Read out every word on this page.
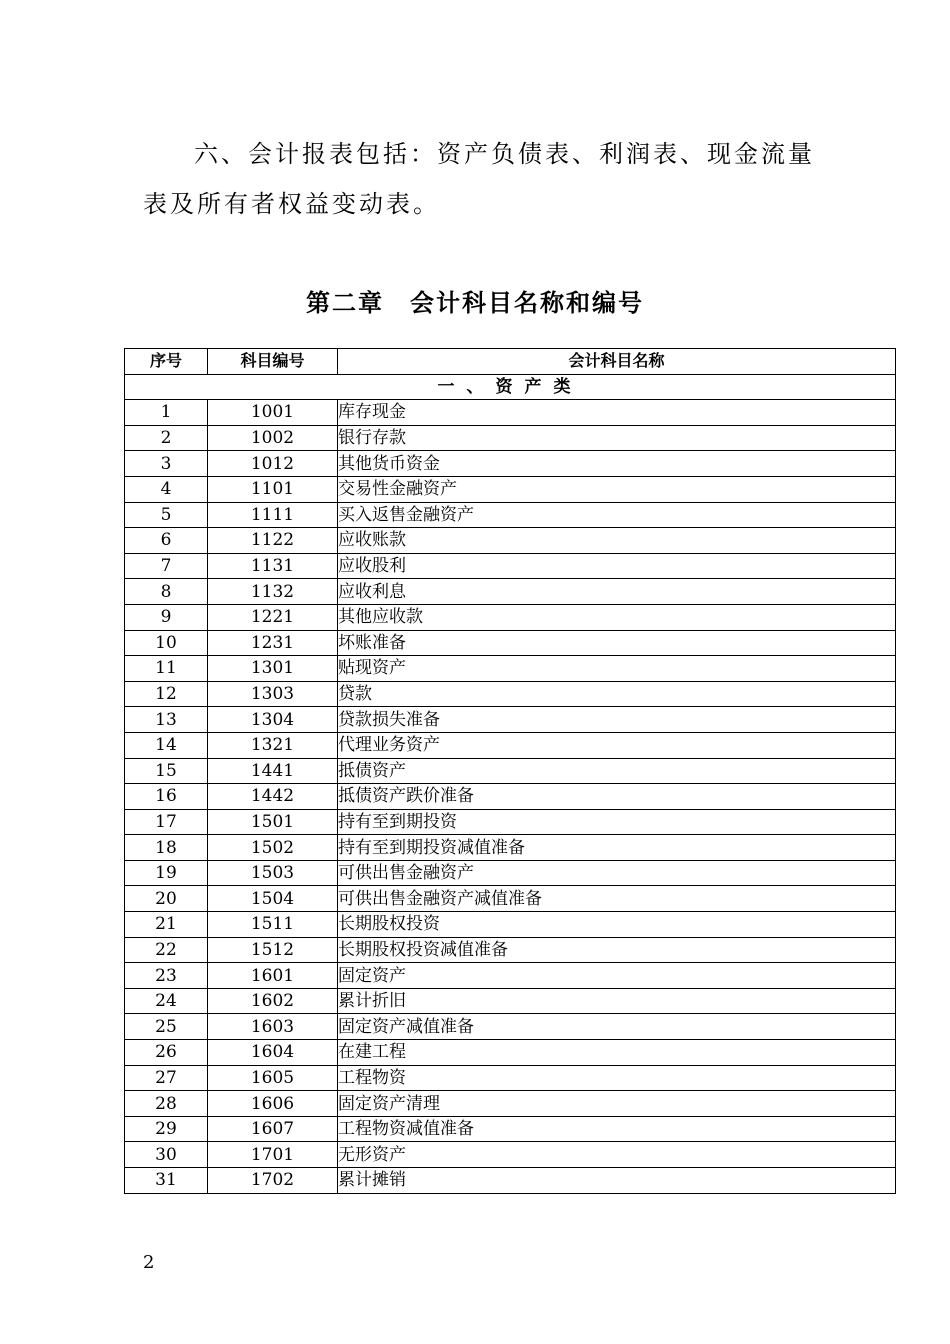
六、会计报表包括：资产负债表、利润表、现金流量
表及所有者权益变动表。
第二章　会计科目名称和编号
序号	科目编号	会计科目名称
一、资产类		
1	1001	库存现金
2	1002	银行存款
3	1012	其他货币资金
4	1101	交易性金融资产
5	1111	买入返售金融资产
6	1122	应收账款
7	1131	应收股利
8	1132	应收利息
9	1221	其他应收款
10	1231	坏账准备
11	1301	贴现资产
12	1303	贷款
13	1304	贷款损失准备
14	1321	代理业务资产
15	1441	抵债资产
16	1442	抵债资产跌价准备
17	1501	持有至到期投资
18	1502	持有至到期投资减值准备
19	1503	可供出售金融资产
20	1504	可供出售金融资产减值准备
21	1511	长期股权投资
22	1512	长期股权投资减值准备
23	1601	固定资产
24	1602	累计折旧
25	1603	固定资产减值准备
26	1604	在建工程
27	1605	工程物资
28	1606	固定资产清理
29	1607	工程物资减值准备
30	1701	无形资产
31	1702	累计摊销
2
